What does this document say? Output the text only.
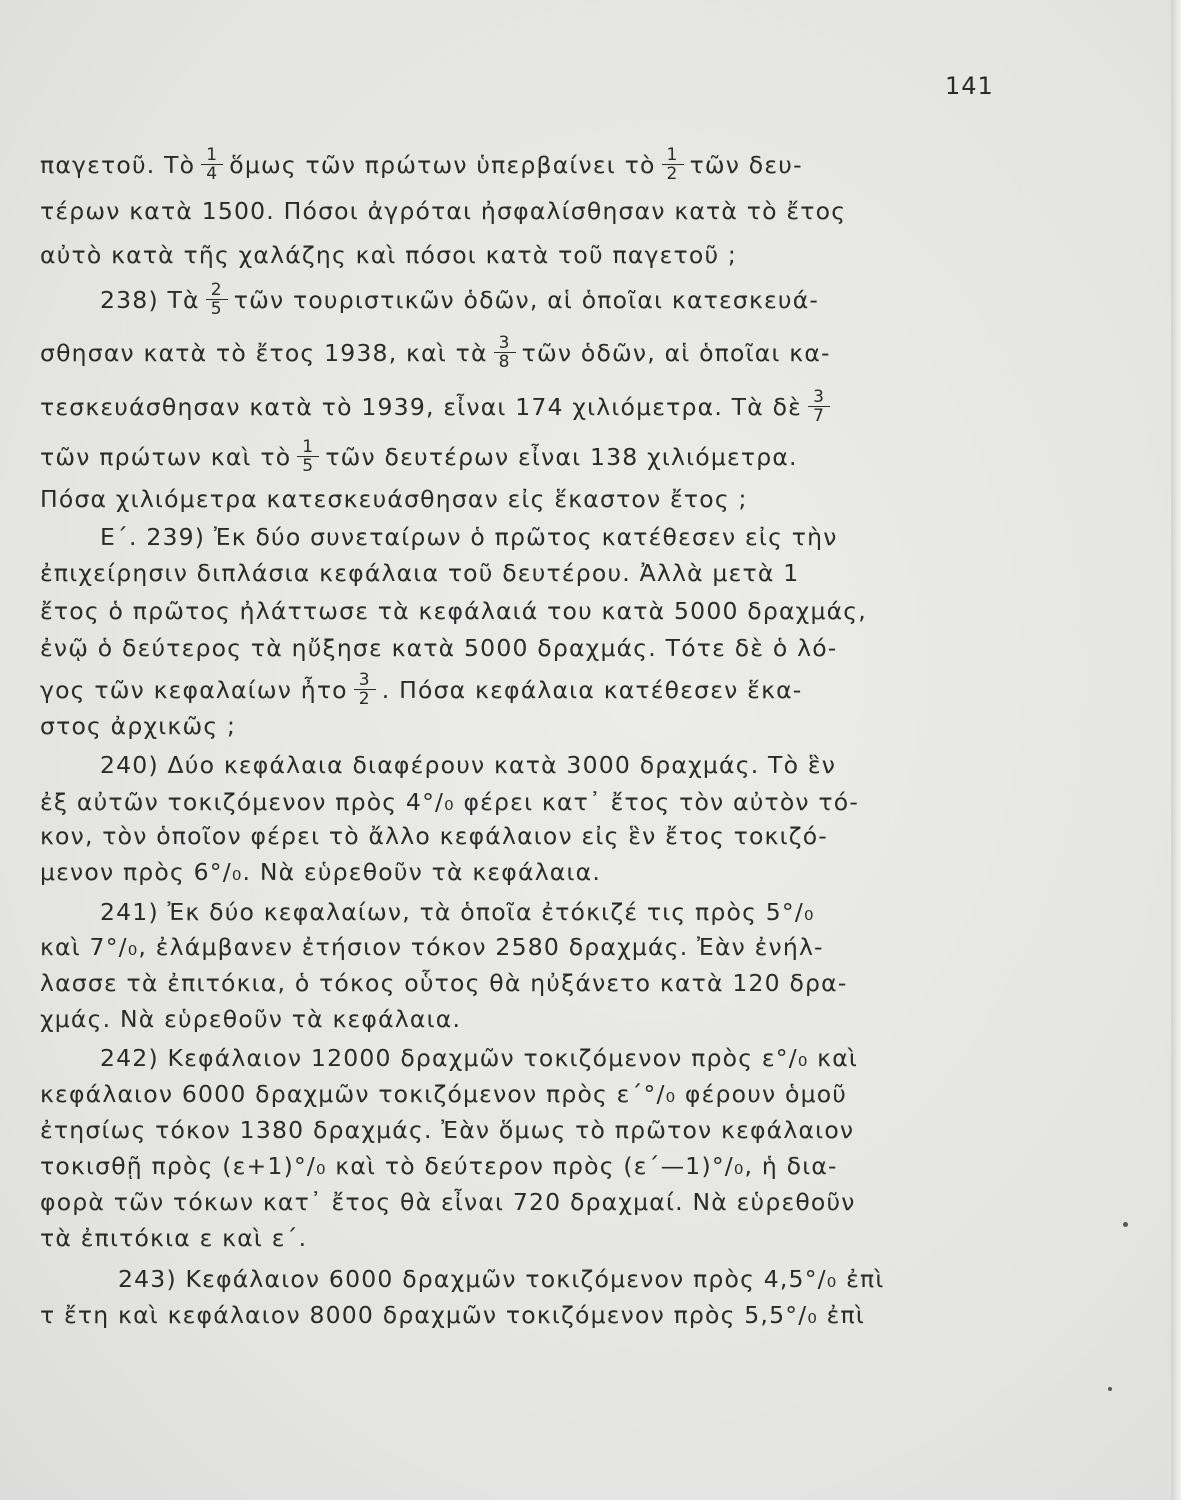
141
παγετοῦ. Τὸ $\frac{1}{4}$ ὅμως τῶν πρώτων ὑπερβαίνει τὸ $\frac{1}{2}$ τῶν δευ-
τέρων κατὰ 1500. Πόσοι ἀγρόται ἠσφαλίσθησαν κατὰ τὸ ἔτος
αὐτὸ κατὰ τῆς χαλάζης καὶ πόσοι κατὰ τοῦ παγετοῦ ;
238) Τὰ $\frac{2}{5}$ τῶν τουριστικῶν ὁδῶν, αἱ ὁποῖαι κατεσκευά-
σθησαν κατὰ τὸ ἔτος 1938, καὶ τὰ $\frac{3}{8}$ τῶν ὁδῶν, αἱ ὁποῖαι κα-
τεσκευάσθησαν κατὰ τὸ 1939, εἶναι 174 χιλιόμετρα. Τὰ δὲ $\frac{3}{7}$
τῶν πρώτων καὶ τὸ $\frac{1}{5}$ τῶν δευτέρων εἶναι 138 χιλιόμετρα.
Πόσα χιλιόμετρα κατεσκευάσθησαν εἰς ἕκαστον ἔτος ;
Ε΄. 239) Ἐκ δύο συνεταίρων ὁ πρῶτος κατέθεσεν εἰς τὴν
ἐπιχείρησιν διπλάσια κεφάλαια τοῦ δευτέρου. Ἀλλὰ μετὰ 1
ἔτος ὁ πρῶτος ἠλάττωσε τὰ κεφάλαιά του κατὰ 5000 δραχμάς,
ἐνῷ ὁ δεύτερος τὰ ηὔξησε κατὰ 5000 δραχμάς. Τότε δὲ ὁ λό-
γος τῶν κεφαλαίων ἦτο $\frac{3}{2}$ . Πόσα κεφάλαια κατέθεσεν ἕκα-
στος ἀρχικῶς ;
240) Δύο κεφάλαια διαφέρουν κατὰ 3000 δραχμάς. Τὸ ἓν
ἐξ αὐτῶν τοκιζόμενον πρὸς 4°/₀ φέρει κατ᾽ ἔτος τὸν αὐτὸν τό-
κον, τὸν ὁποῖον φέρει τὸ ἄλλο κεφάλαιον εἰς ἓν ἔτος τοκιζό-
μενον πρὸς 6°/₀. Νὰ εὑρεθοῦν τὰ κεφάλαια.
241) Ἐκ δύο κεφαλαίων, τὰ ὁποῖα ἐτόκιζέ τις πρὸς 5°/₀
καὶ 7°/₀, ἐλάμβανεν ἐτήσιον τόκον 2580 δραχμάς. Ἐὰν ἐνήλ-
λασσε τὰ ἐπιτόκια, ὁ τόκος οὗτος θὰ ηὐξάνετο κατὰ 120 δρα-
χμάς. Νὰ εὑρεθοῦν τὰ κεφάλαια.
242) Κεφάλαιον 12000 δραχμῶν τοκιζόμενον πρὸς ε°/₀ καὶ
κεφάλαιον 6000 δραχμῶν τοκιζόμενον πρὸς ε΄°/₀ φέρουν ὁμοῦ
ἐτησίως τόκον 1380 δραχμάς. Ἐὰν ὅμως τὸ πρῶτον κεφάλαιον
τοκισθῇ πρὸς (ε+1)°/₀ καὶ τὸ δεύτερον πρὸς (ε΄—1)°/₀, ἡ δια-
φορὰ τῶν τόκων κατ᾽ ἔτος θὰ εἶναι 720 δραχμαί. Νὰ εὑρεθοῦν
τὰ ἐπιτόκια ε καὶ ε΄.
243) Κεφάλαιον 6000 δραχμῶν τοκιζόμενον πρὸς 4,5°/₀ ἐπὶ
τ ἔτη καὶ κεφάλαιον 8000 δραχμῶν τοκιζόμενον πρὸς 5,5°/₀ ἐπὶ
